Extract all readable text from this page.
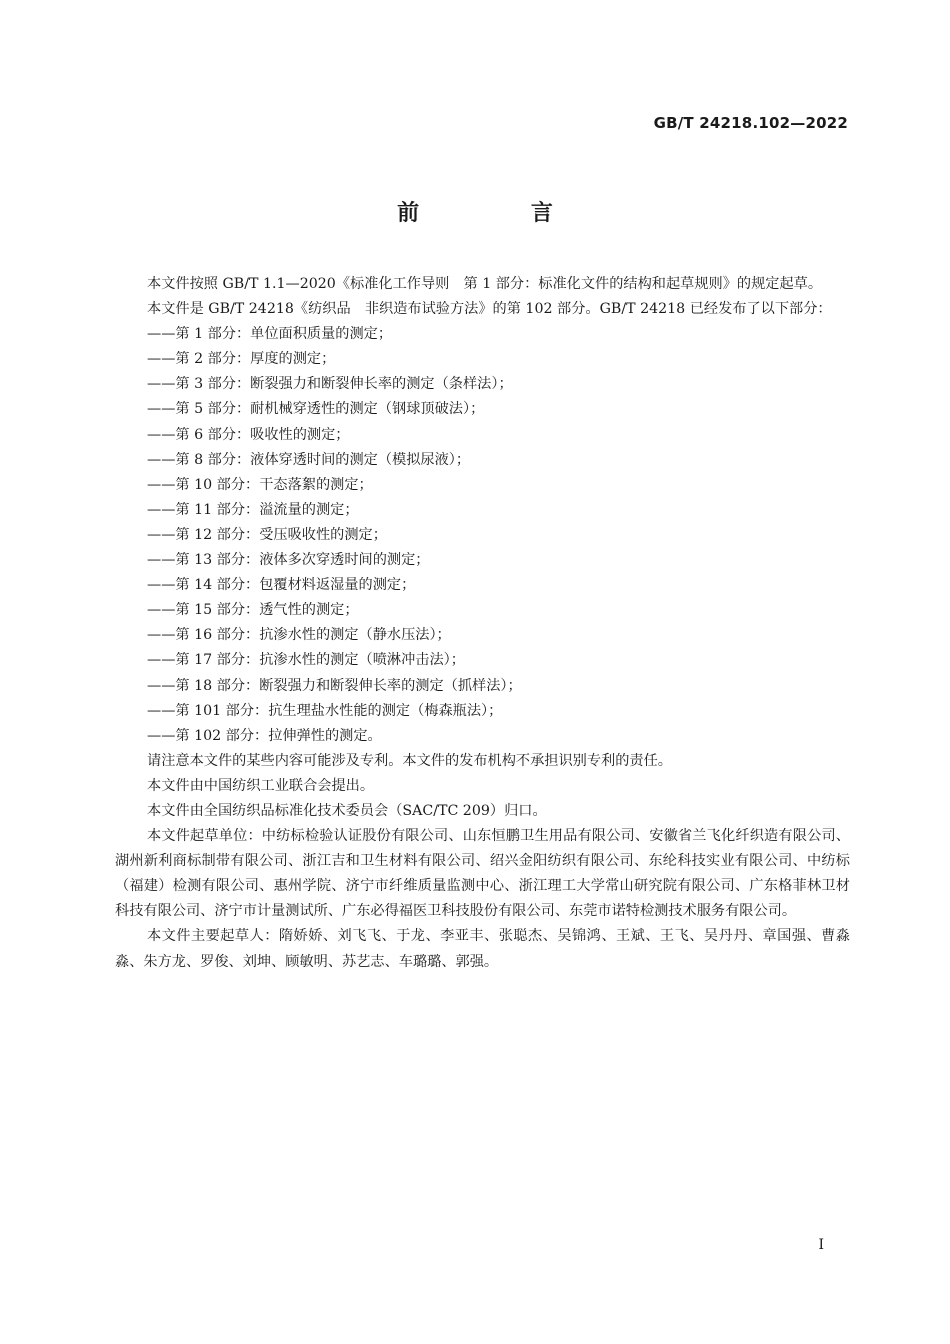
GB/T 24218.102—2022
前 言

本文件按照 GB/T 1.1—2020《标准化工作导则　第 1 部分：标准化文件的结构和起草规则》的规定起草。

本文件是 GB/T 24218《纺织品　非织造布试验方法》的第 102 部分。GB/T 24218 已经发布了以下部分：

——第 1 部分：单位面积质量的测定；
——第 2 部分：厚度的测定；
——第 3 部分：断裂强力和断裂伸长率的测定（条样法）；
——第 5 部分：耐机械穿透性的测定（钢球顶破法）；
——第 6 部分：吸收性的测定；
——第 8 部分：液体穿透时间的测定（模拟尿液）；
——第 10 部分：干态落絮的测定；
——第 11 部分：溢流量的测定；
——第 12 部分：受压吸收性的测定；
——第 13 部分：液体多次穿透时间的测定；
——第 14 部分：包覆材料返湿量的测定；
——第 15 部分：透气性的测定；
——第 16 部分：抗渗水性的测定（静水压法）；
——第 17 部分：抗渗水性的测定（喷淋冲击法）；
——第 18 部分：断裂强力和断裂伸长率的测定（抓样法）；
——第 101 部分：抗生理盐水性能的测定（梅森瓶法）；
——第 102 部分：拉伸弹性的测定。

请注意本文件的某些内容可能涉及专利。本文件的发布机构不承担识别专利的责任。

本文件由中国纺织工业联合会提出。

本文件由全国纺织品标准化技术委员会（SAC/TC 209）归口。

本文件起草单位：中纺标检验认证股份有限公司、山东恒鹏卫生用品有限公司、安徽省兰飞化纤织造有限公司、湖州新利商标制带有限公司、浙江吉和卫生材料有限公司、绍兴金阳纺织有限公司、东纶科技实业有限公司、中纺标（福建）检测有限公司、惠州学院、济宁市纤维质量监测中心、浙江理工大学常山研究院有限公司、广东格菲林卫材科技有限公司、济宁市计量测试所、广东必得福医卫科技股份有限公司、东莞市诺特检测技术服务有限公司。

本文件主要起草人：隋娇娇、刘飞飞、于龙、李亚丰、张聪杰、吴锦鸿、王斌、王飞、吴丹丹、章国强、曹淼淼、朱方龙、罗俊、刘坤、顾敏明、苏艺志、车璐璐、郭强。

I
